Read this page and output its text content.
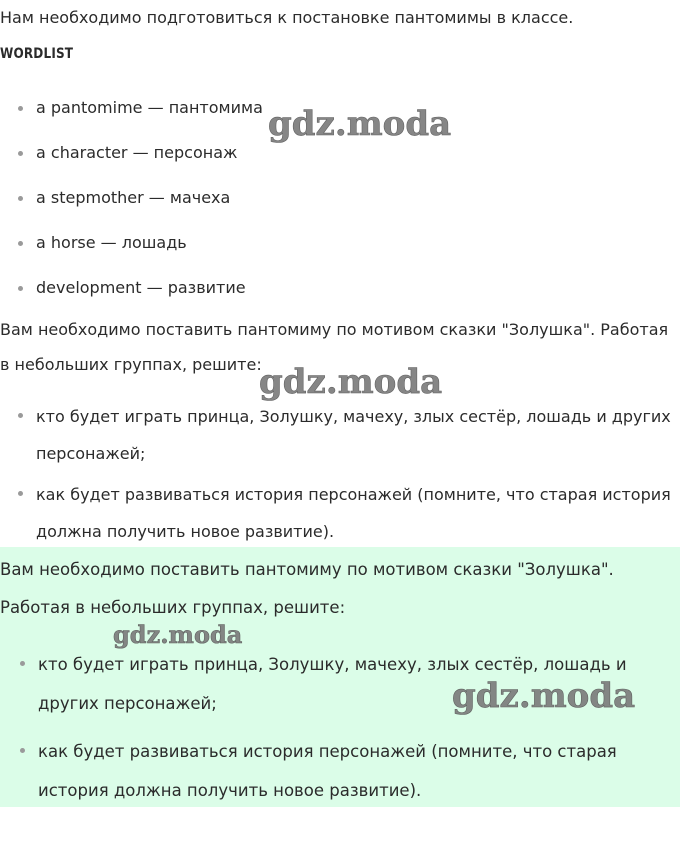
Нам необходимо подготовиться к постановке пантомимы в классе.

WORDLIST
a pantomime — пантомима
a character — персонаж
a stepmother — мачеха
a horse — лошадь
development — развитие

Вам необходимо поставить пантомиму по мотивом сказки "Золушка". Работая в небольших группах, решите:

кто будет играть принца, Золушку, мачеху, злых сестёр, лошадь и других персонажей;
как будет развиваться история персонажей (помните, что старая история должна получить новое развитие).

Вам необходимо поставить пантомиму по мотивом сказки "Золушка". Работая в небольших группах, решите:

кто будет играть принца, Золушку, мачеху, злых сестёр, лошадь и других персонажей;
как будет развиваться история персонажей (помните, что старая история должна получить новое развитие).
gdz.moda
gdz.moda
gdz.moda
gdz.moda
